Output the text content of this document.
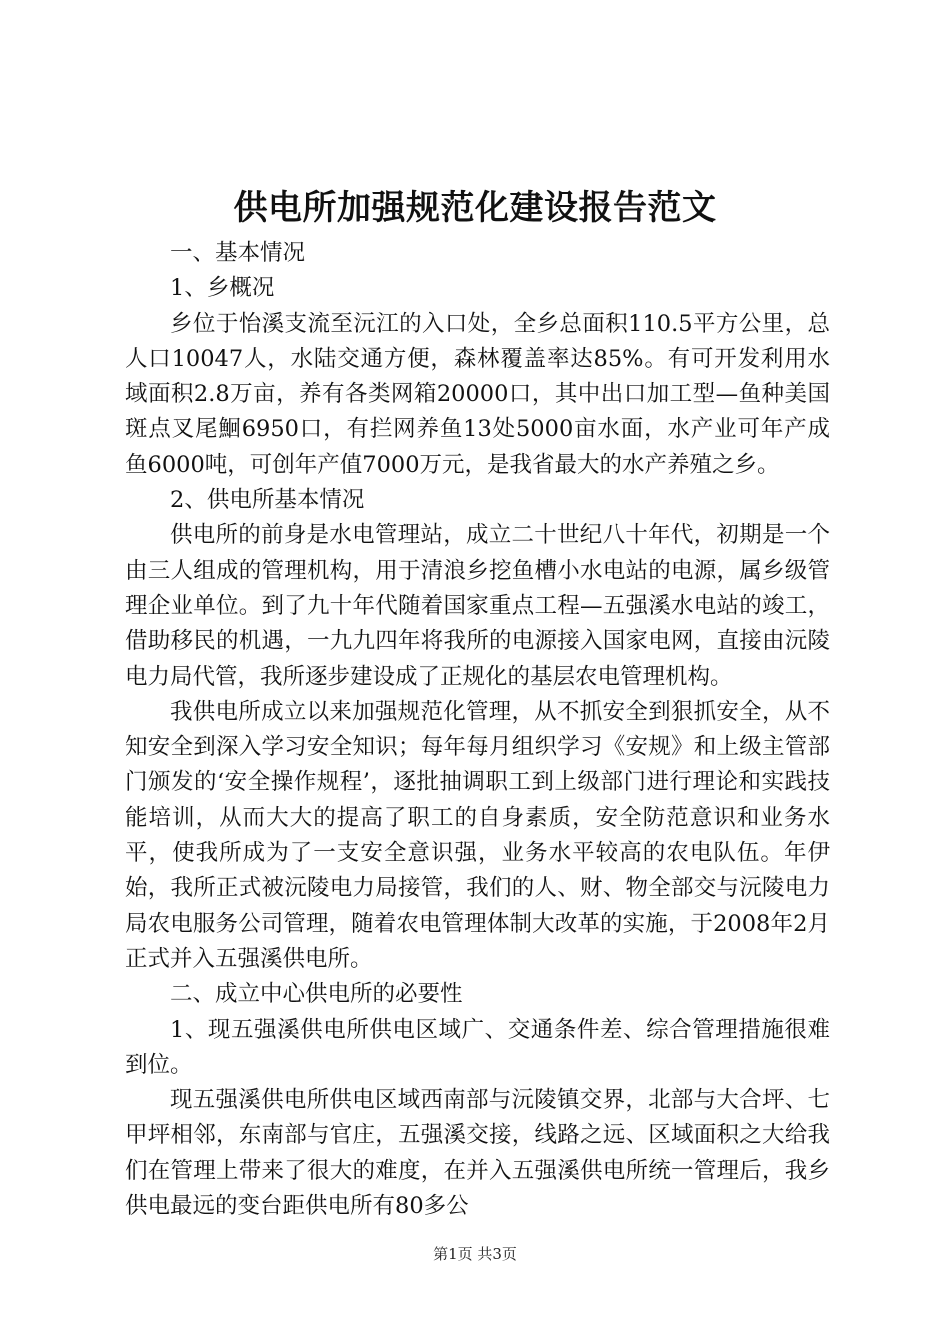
供电所加强规范化建设报告范文

一、基本情况

1、乡概况

乡位于怡溪支流至沅江的入口处，全乡总面积110.5平方公里，总人口10047人，水陆交通方便，森林覆盖率达85%。有可开发利用水域面积2.8万亩，养有各类网箱20000口，其中出口加工型—鱼种美国斑点叉尾鮰6950口，有拦网养鱼13处5000亩水面，水产业可年产成鱼6000吨，可创年产值7000万元，是我省最大的水产养殖之乡。

2、供电所基本情况

供电所的前身是水电管理站，成立二十世纪八十年代，初期是一个由三人组成的管理机构，用于清浪乡挖鱼槽小水电站的电源，属乡级管理企业单位。到了九十年代随着国家重点工程—五强溪水电站的竣工，借助移民的机遇，一九九四年将我所的电源接入国家电网，直接由沅陵电力局代管，我所逐步建设成了正规化的基层农电管理机构。

我供电所成立以来加强规范化管理，从不抓安全到狠抓安全，从不知安全到深入学习安全知识；每年每月组织学习《安规》和上级主管部门颁发的‘安全操作规程’，逐批抽调职工到上级部门进行理论和实践技能培训，从而大大的提高了职工的自身素质，安全防范意识和业务水平，使我所成为了一支安全意识强，业务水平较高的农电队伍。年伊始，我所正式被沅陵电力局接管，我们的人、财、物全部交与沅陵电力局农电服务公司管理，随着农电管理体制大改革的实施，于2008年2月正式并入五强溪供电所。

二、成立中心供电所的必要性

1、现五强溪供电所供电区域广、交通条件差、综合管理措施很难到位。

现五强溪供电所供电区域西南部与沅陵镇交界，北部与大合坪、七甲坪相邻，东南部与官庄，五强溪交接，线路之远、区域面积之大给我们在管理上带来了很大的难度，在并入五强溪供电所统一管理后，我乡供电最远的变台距供电所有80多公

第1页 共3页
